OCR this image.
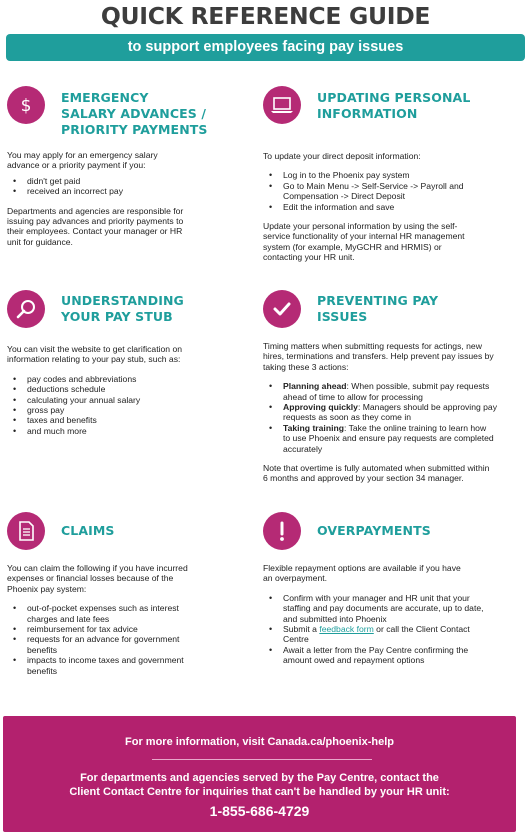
QUICK REFERENCE GUIDE
to support employees facing pay issues
$ EMERGENCY
SALARY ADVANCES /
PRIORITY PAYMENTS

You may apply for an emergency salary

advance or a priority payment if you:

• didn't get paid
• received an incorrect pay

Departments and agencies are responsible for

issuing pay advances and priority payments to

their employees. Contact your manager or HR

unit for guidance.

UPDATING PERSONAL
INFORMATION

To update your direct deposit information:

• Log in to the Phoenix pay system
• Go to Main Menu -> Self-Service -> Payroll and
Compensation -> Direct Deposit
• Edit the information and save

Update your personal information by using the self-

service functionality of your internal HR management

system (for example, MyGCHR and HRMIS) or

contacting your HR unit.

UNDERSTANDING
YOUR PAY STUB

You can visit the website to get clarification on

information relating to your pay stub, such as:

• pay codes and abbreviations
• deductions schedule
• calculating your annual salary
• gross pay
• taxes and benefits
• and much more
PREVENTING PAY
ISSUES

Timing matters when submitting requests for actings, new

hires, terminations and transfers. Help prevent pay issues by

taking these 3 actions:

• Planning ahead: When possible, submit pay requests
ahead of time to allow for processing
• Approving quickly: Managers should be approving pay
requests as soon as they come in
• Taking training: Take the online training to learn how
to use Phoenix and ensure pay requests are completed
accurately

Note that overtime is fully automated when submitted within

6 months and approved by your section 34 manager.

CLAIMS

You can claim the following if you have incurred

expenses or financial losses because of the

Phoenix pay system:

• out-of-pocket expenses such as interest
charges and late fees
• reimbursement for tax advice
• requests for an advance for government
benefits
• impacts to income taxes and government
benefits
OVERPAYMENTS

Flexible repayment options are available if you have

an overpayment.

• Confirm with your manager and HR unit that your
staffing and pay documents are accurate, up to date,
and submitted into Phoenix
• Submit a feedback form or call the Client Contact
Centre
• Await a letter from the Pay Centre confirming the
amount owed and repayment options
For more information, visit Canada.ca/phoenix-help
For departments and agencies served by the Pay Centre, contact the
Client Contact Centre for inquiries that can't be handled by your HR unit:
1-855-686-4729
